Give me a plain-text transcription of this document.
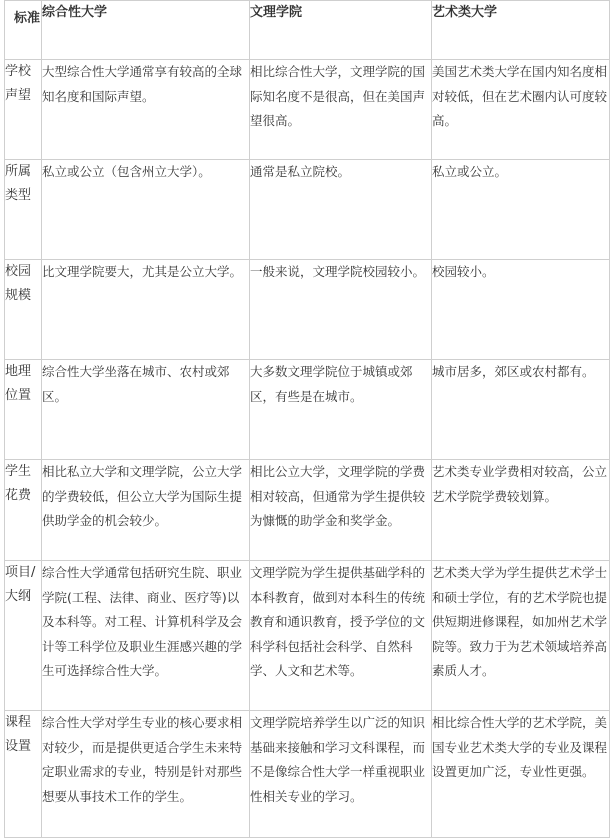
标准	综合性大学	文理学院	艺术类大学
学校声望	大型综合性大学通常享有较高的全球知名度和国际声望。	相比综合性大学，文理学院的国际知名度不是很高，但在美国声望很高。	美国艺术类大学在国内知名度相对较低，但在艺术圈内认可度较高。
所属类型	私立或公立（包含州立大学）。	通常是私立院校。	私立或公立。
校园规模	比文理学院要大，尤其是公立大学。	一般来说，文理学院校园较小。	校园较小。
地理位置	综合性大学坐落在城市、农村或郊区。	大多数文理学院位于城镇或郊区，有些是在城市。	城市居多，郊区或农村都有。
学生花费	相比私立大学和文理学院，公立大学的学费较低，但公立大学为国际生提供助学金的机会较少。	相比公立大学，文理学院的学费相对较高，但通常为学生提供较为慷慨的助学金和奖学金。	艺术类专业学费相对较高，公立艺术学院学费较划算。
项目/大纲	综合性大学通常包括研究生院、职业学院(工程、法律、商业、医疗等)以及本科等。对工程、计算机科学及会计等工科学位及职业生涯感兴趣的学生可选择综合性大学。	文理学院为学生提供基础学科的本科教育，做到对本科生的传统教育和通识教育，授予学位的文科学科包括社会科学、自然科学、人文和艺术等。	艺术类大学为学生提供艺术学士和硕士学位，有的艺术学院也提供短期进修课程，如加州艺术学院等。致力于为艺术领域培养高素质人才。
课程设置	综合性大学对学生专业的核心要求相对较少，而是提供更适合学生未来特定职业需求的专业，特别是针对那些想要从事技术工作的学生。	文理学院培养学生以广泛的知识基础来接触和学习文科课程，而不是像综合性大学一样重视职业性相关专业的学习。	相比综合性大学的艺术学院，美国专业艺术类大学的专业及课程设置更加广泛，专业性更强。
